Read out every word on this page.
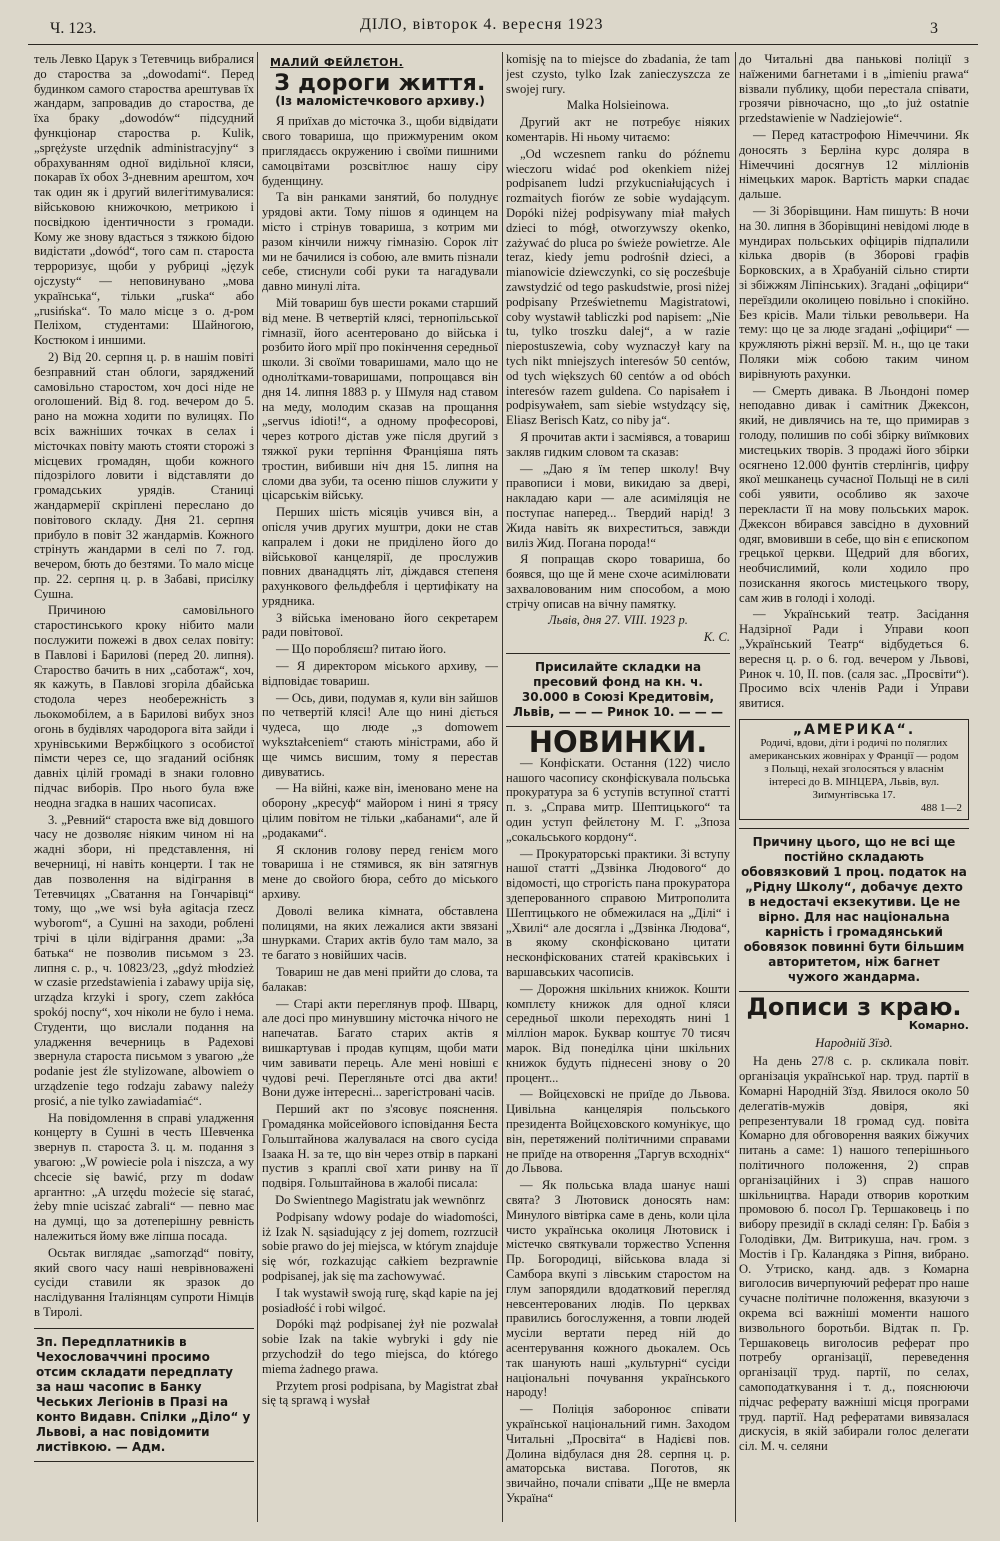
Ч. 123.	ДІЛО, вівторок 4. вересня 1923	3

тель Левко Царук з Тетевчиць вибралися до староства за „dowodami“. Перед будинком самого староства арештував їх жандарм, запровадив до староства, де їха браку „dowodów“ підсудний функціонар староства p. Kulik, „sprężyste urzędnik administracyjny“ з обрахуванням одної видільної кляси, покарав їх обох 3-дневним арештом, хоч так один як і другий вилегітимувалися: військовою книжочкою, метрикою і посвідкою ідентичности з громади. Кому же знову вдасться з тяжкою бідою видістати „dowód“, того сам п. староста терроризує, щоби у рубриці „język ojczysty“ — неповинувано „мова українська“, тільки „ruska“ або „rusińska“. То мало місце з о. д-ром Пеліхом, студентами: Шайногою, Костюком і иншими.

2) Від 20. серпня ц. р. в нашім повіті безправний стан облоги, заряджений самовільно старостом, хоч досі ніде не оголошений. Від 8. год. вечером до 5. рано на можна ходити по вулицях. По всіх важніших точках в селах і місточках повіту мають стояти сторожі з місцевих громадян, щоби кожного підозрілого ловити і відставляти до громадських урядів. Станиці жандармерії скріплені переслано до повітового складу. Дня 21. серпня прибуло в повіт 32 жандармів. Кожного стрінуть жандарми в селі по 7. год. вечером, бють до безтями. То мало місце пр. 22. серпня ц. р. в Забаві, присілку Сушна.

Причиною самовільного старостинського кроку нібито мали послужити пожежі в двох селах повіту: в Павлові і Барилові (перед 20. липня). Староство бачить в них „саботаж“, хоч, як кажуть, в Павлові згоріла дбайська стодола через необережність з льокомобілем, а в Барилові вибух зноз огонь в будівлях чародорога віта зайди і хрунівськими Вержбіцкого з особистої пімсти через се, що згаданий осібняк давніх цілій громаді в знаки головно підчас виборів. Про нього була вже неодна згадка в наших часописах.

3. „Ревний“ староста вже від довшого часу не дозволяє ніяким чином ні на жадні збори, ні представлення, ні вечерниці, ні навіть концерти. І так не дав позволення на відіграння в Тетевчицях „Сватання на Гончарівці“ тому, що „we wsi była agitacja rzecz wyborom“, а Сушні на заходи, роблені трічі в ціли відіграння драми: „За батька“ не позволив письмом з 23. липня с. р., ч. 10823/23, „gdyż młodzież w czasie przedstawienia i zabawy upija się, urządza krzyki i spory, czem zakłóca spokój nocny“, хоч ніколи не було і нема. Студенти, що вислали подання на уладження вечерниць в Радехові звернула староста письмом з увагою „że podanie jest źle stylizowane, albowiem o urządzenie tego rodzaju zabawy należy prosić, a nie tylko zawiadamiać“.

На повідомлення в справі уладження концерту в Сушні в честь Шевченка звернув п. староста 3. ц. м. подання з увагою: „W powiecie pola i niszcza, a wy chcecie się bawić, przy m dodaw аргантно: „A urzędu możecie się starać, żeby mnie uciszać zabrali“ — певно має на думці, що за дотеперішну ревність належиться йому вже ліпша посада.

Осьтак виглядає „samorząd“ повіту, який свого часу наші неврівноважені сусіди ставили як зразок до наслідування Італіянцям супроти Німців в Тиролі.

Зп. Передплатників в Чехословаччині просимо отсим складати передплату за наш часопис в Банку Чеських Легіонів в Празі на конто Видавн. Спілки „Діло“ у Львові, а нас повідомити листівкою. — Адм.
МАЛИЙ ФЕЙЛЄТОН.
З дороги життя.
(Із маломістечкового архиву.)

Я приїхав до місточка З., щоби відвідати свого товариша, що прижмуреним оком приглядаєсь окружению і своїми пишними самоцвітами розсвітлює нашу сіру буденщину.

Та він ранками занятий, бо полуднує урядові акти. Тому пішов я одинцем на місто і стрінув товариша, з котрим ми разом кінчили нижчу гімназію. Сорок літ ми не бачилися із собою, але вмить пізнали себе, стиснули собі руки та нагадували давно минулі літа.

Мій товариш був шести роками старший від мене. В четвертій клясі, тернопільської гімназії, його асентеровано до війська і розбито його мрії про покінчення середньої школи. Зі своїми товаришами, мало що не однолітками-товаришами, попрощався він дня 14. липня 1883 р. у Шмуля над ставом на меду, молодим сказав на прощання „servus idioti!“, а одному професорові, через котрого дістав уже після другий з тяжкої руки терпіння Франціяша пять тростин, вибивши ніч дня 15. липня на сломи два зуби, та осеню пішов служити у цісарськім війську.

Перших шість місяців учився він, а опісля учив других муштри, доки не став капралем і доки не приділено його до військової канцелярії, де прослужив повних дванадцять літ, діждався степеня рахункового фельдфебля і цертифікату на урядника.

З війська іменовано його секретарем ради повітової.

— Що поробляєш? питаю його.

— Я директором міського архиву, — відповідає товариш.

— Ось, диви, подумав я, кули він зайшов по четвертій клясі! Але що нині діється чудеса, що люде „з domowem wykształceniem“ стають міністрами, або й ще чимсь висшим, тому я перестав дивуватись.

— На війні, каже він, іменовано мене на оборону „кресуф“ майором і нині я трясу цілим повітом не тільки „кабанами“, але й „родаками“.

Я склонив голову перед генієм мого товариша і не стямився, як він затягнув мене до свойого бюра, себто до міського архиву.

Доволі велика кімната, обставлена полицями, на яких лежалися акти звязані шнурками. Старих актів було там мало, за те багато з новійших часів.

Товариш не дав мені прийти до слова, та балакав:

— Старі акти переглянув проф. Шварц, але досі про минувшину місточка нічого не напечатав. Багато старих актів я вишкартував і продав купцям, щоби мати чим завивати перець. Але мені новіші є чудові речі. Перегляньте отсі два акти! Вони дуже інтересні... зарегістровані часів.

Перший акт по з'ясовує пояснення. Громадянка мойсейового ісповідання Беста Гольштайнова жалувалася на свого сусіда Ізаака Н. за те, що він через отвір в паркані пустив з краплі свої хати ринву на її подвіря. Гольштайнова в жалобі писала:

Do Swientnego Magistratu jak wewnönrz

Podpisany wdowy podaje do wiadomości, iż Izak N. sąsiadujący z jej domem, rozrzucił sobie prawo do jej miejsca, w którym znajduje się wór, rozkazując całkiem bezprawnie podpisanej, jak się ma zachowywać.

I tak wystawił swoją rurę, skąd kapie na jej posiadłość i robi wilgoć.

Dopóki mąż podpisanej żył nie pozwalał sobie Izak na takie wybryki i gdy nie przychodził do tego miejsca, do którego miema żadnego prawa.

Przytem prosi podpisana, by Magistrat zbał się tą sprawą i wysłał

komisję na to miejsce do zbadania, że tam jest czysto, tylko Izak zanieczyszcza ze swojej rury.

Malka Holsieinowa.

Другий акт не потребує ніяких коментарів. Ні ньому читаємо:

„Od wczesnem ranku do późnemu wieczoru widać pod okenkiem niżej podpisanem ludzi przykucniałujących i rozmaitych fiorów ze sobie wydającym. Dopóki niżej podpisywany miał małych dzieci to mógł, otworzywszy okenko, zażywać do pluca po świeże powietrze. Ale teraz, kiedy jemu podrośnił dzieci, а mianowicie dziewczynki, co się pocześbuje zawstydzić od tego paskudstwie, prosi niżej podpisany Prześwietnemu Magistratowi, coby wystawił tabliczki pod napisem: „Nie tu, tylko troszku dalej“, а w razie niepostuszewia, coby wyznaczył kary na tych nikt mniejszych interesów 50 centów, od tych większych 60 centów а od obóch interesów razem guldena. Co napisałem i podpisywałem, sam siebie wstydzący się, Eliasz Berisch Katz, со niby ja“.

Я прочитав акти і засміявся, а товариш закляв гидким словом та сказав:

— „Даю я їм тепер школу! Вчу правописи і мови, викидаю за двері, накладаю кари — але асиміляція не поступає наперед... Твердий нарід! З Жида навіть як вихреститься, завжди виліз Жид. Погана порода!“

Я попращав скоро товариша, бо боявся, що ще й мене схоче асимілювати захваловованим ним способом, а мою стрічу описав на вічну памятку.

Львів, дня 27. VIII. 1923 р.

К. С.

Присилайте складки на пресовий фонд на кн. ч. 30.000 в Союзі Кредитовім, Львів, — — — Ринок 10. — — —
НОВИНКИ.

— Конфіскати. Остання (122) число нашого часопису сконфіскувала польська прокуратура за 6 уступів вступної статті п. з. „Справа митр. Шептицького“ та один уступ фейлєтону М. Г. „Зпоза „сокальського кордону“.

— Прокураторські практики. Зі вступу нашої статті „Дзвінка Людового“ до відомості, що строгість пана прокуратора здеперованного справою Митрополита Шептицького не обмежилася на „Ділі“ і „Хвилі“ але досягла і „Дзвінка Людова“, в якому сконфісковано цитати несконфіскованих статей краківських і варшавських часописів.

— Дорожня шкільних книжок. Кошти комплєту книжок для одної кляси середньої школи переходять нині 1 мілліон марок. Буквар коштує 70 тисяч марок. Від понеділка ціни шкільних книжок будуть піднесені знову о 20 процент...

— Войцєховскі не приїде до Львова. Цивільна канцелярія польського президента Войцєховского комунікує, що він, перетяжений політичними справами не приїде на отворення „Таргув всходніх“ до Львова.

— Як польська влада шанує наші свята? З Лютовиск доносять нам: Минулого вівтірка саме в день, коли ціла чисто українська околиця Лютовиск і містечко святкували торжество Успення Пр. Богородиці, військова влада зі Самбора вкупі з лівським старостом на глум запорядили вдодатковий перегляд невсентерованих людів. По церквах правились богослуження, а товпи людей мусіли вертати перед ній до асентерування кожного дьокалем. Ось так шанують наші „культурні“ сусіди національні почування українського народу!

— Поліція заборонює співати української національний гимн. Заходом Читальні „Просвіта“ в Надієві пов. Долина відбулася дня 28. серпня ц. р. аматорська вистава. Поготов, як звичайно, почали співати „Ще не вмерла Україна“

до Читальні два панькові поліції з наїженими багнетами і в „imieniu prawa“ візвали публику, щоби перестала співати, грозячи рівночасно, що „to już ostatnie przedstawienie w Nadziejowie“.

— Перед катастрофою Німеччини. Як доносять з Берліна курс доляра в Німеччині досягнув 12 мілліонів німецьких марок. Вартість марки спадає дальше.

— Зі Зборівщини. Нам пишуть: В ночи на 30. липня в Зборівщині невідомі люде в мундирах польських офіцирів підпалили кілька дворів (в Зборові графів Борковских, а в Храбуаній сільно стирти зі збіжжям Ліпінських). Згадані „офіцири“ переїздили околицею повільно і спокійно. Без крісів. Мали тільки револьвери. На тему: що це за люде згадані „офіцири“ — кружляють ріжні верзії. М. н., що це таки Поляки між собою таким чином вирівнують рахунки.

— Смерть дивака. В Льондоні помер неподавно дивак і самітник Джексон, який, не дивлячись на те, що примирав з голоду, полишив по собі збірку виїмкових мистецьких творів. З продажі його збірки осягнено 12.000 фунтів стерлінгів, цифру якої мешканець сучасної Польщі не в силі собі уявити, особливо як захоче перекласти її на мову польських марок. Джексон вбирався завсідно в духовний одяг, вмовивши в себе, що він є епископом грецької церкви. Щедрий для вбогих, необчислимий, коли ходило про позискання якогось мистецького твору, сам жив в голоді і холоді.

— Український театр. Засідання Надзірної Ради і Управи кооп „Український Театр“ відбудеться 6. вересня ц. р. о 6. год. вечером у Львові, Ринок ч. 10, II. пов. (саля зас. „Просвіти“). Просимо всіх членів Ради і Управи явитися.

„АМЕРИКА“.
Родичі, вдови, діти і родичі по поляглих американських жовнірах у Франції — родом з Польщі, нехай зголосяться у власнім інтересі до В. МІНЦЕРА, Львів, вул. Зиґмунтівська 17.
488 1—2
Причину цього, що не всі ще постійно складають обовязковий 1 проц. податок на „Рідну Школу“, добачує дехто в недостачі екзекутиви. Це не вірно. Для нас національна карність і громадянський обовязок повинні бути більшим авторитетом, ніж багнет чужого жандарма.
Дописи з краю.
Комарно.
Народній Зїзд.

На день 27/8 с. р. скликала повіт. організація української нар. труд. партії в Комарні Народній Зїзд. Явилося около 50 делегатів-мужів довіря, які репрезентували 18 громад суд. повіта Комарно для обговорення ваяких біжучих питань а саме: 1) нашого теперішнього політичного положення, 2) справ організаційних і 3) справ нашого шкільництва. Наради отворив коротким промовою б. посол Гр. Тершаковець і по вибору президії в складі селян: Гр. Бабія з Голодівки, Дм. Витрикуша, нач. гром. з Мостів і Гр. Каландяка з Ріпня, вибрано. О. Утриско, канд. адв. з Комарна виголосив вичерпуючий реферат про наше сучасне політичне положення, вказуючи з окрема всі важніші моменти нашого визвольного боротьби. Відтак п. Гр. Тершаковець виголосив реферат про потребу організації, переведення організації труд. партії, по селах, самоподаткування і т. д., пояснюючи підчас реферату важніші місця програми труд. партії. Над рефератами вивязалася дискусія, в якій забирали голос делегати сіл. М. ч. селяни
